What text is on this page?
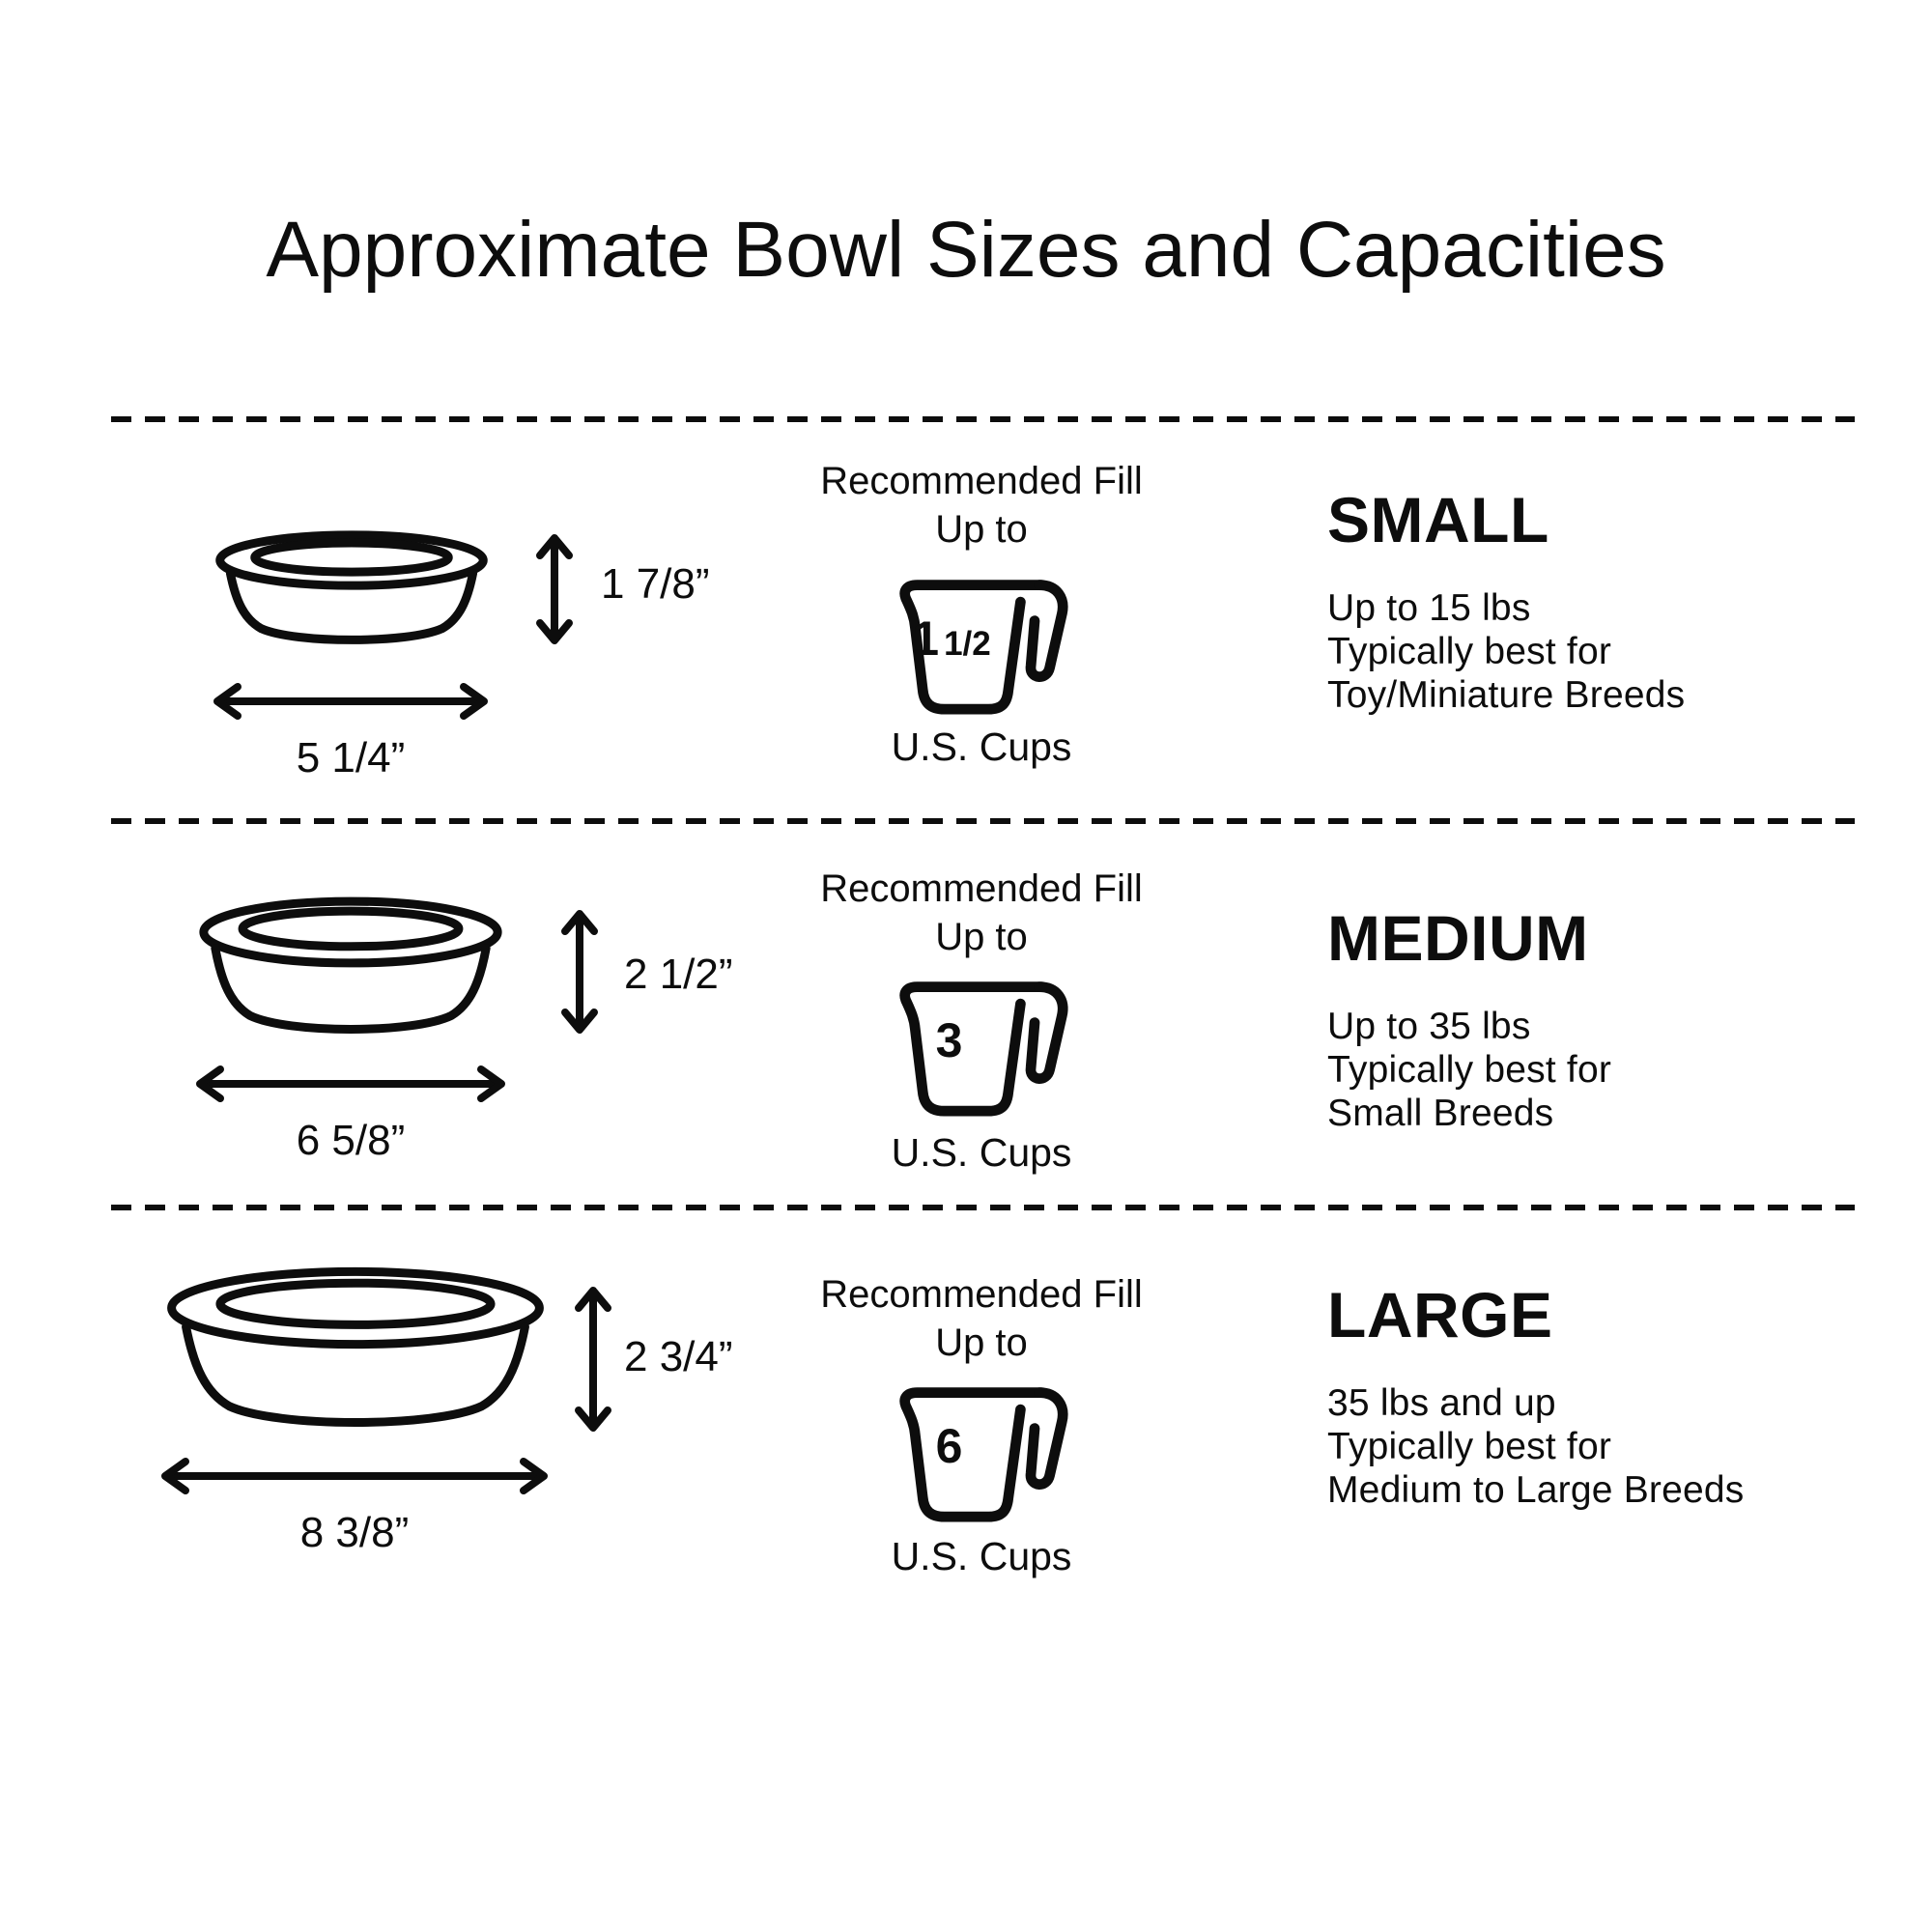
Approximate Bowl Sizes and Capacities
1 7/8”
5 1/4”
Recommended Fill
Up to
1 1/2
U.S. Cups
SMALL
Up to 15 lbs
Typically best for
Toy/Miniature Breeds
2 1/2”
6 5/8”
Recommended Fill
Up to
3
U.S. Cups
MEDIUM
Up to 35 lbs
Typically best for
Small Breeds
2 3/4”
8 3/8”
Recommended Fill
Up to
6
U.S. Cups
LARGE
35 lbs and up
Typically best for
Medium to Large Breeds
